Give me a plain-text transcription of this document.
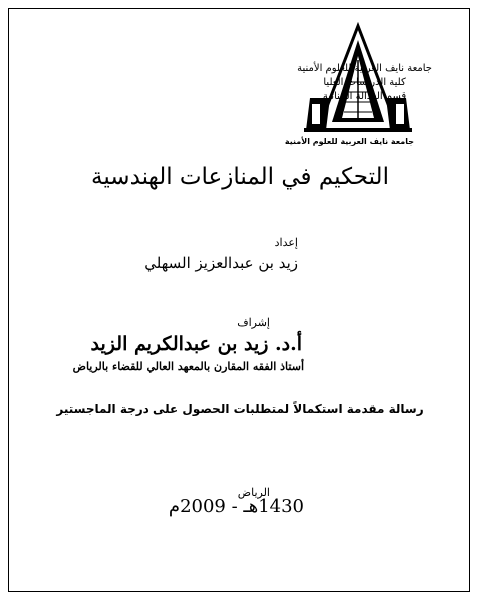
جامعة نايف العربية للعلوم الأمنية
جامعة نايف العربية للعلوم الأمنية
كلية الدراسات العليا
قسم العدالة الجنائية
التحكيم في المنازعات الهندسية
إعداد
زيد بن عبدالعزيز السهلي
إشراف
أ.د. زيد بن عبدالكريم الزيد
أستاذ الفقه المقارن بالمعهد العالي للقضاء بالرياض
رسالة مقدمة استكمالاً لمتطلبات الحصول على درجة الماجستير
الرياض
1430هـ - 2009م
